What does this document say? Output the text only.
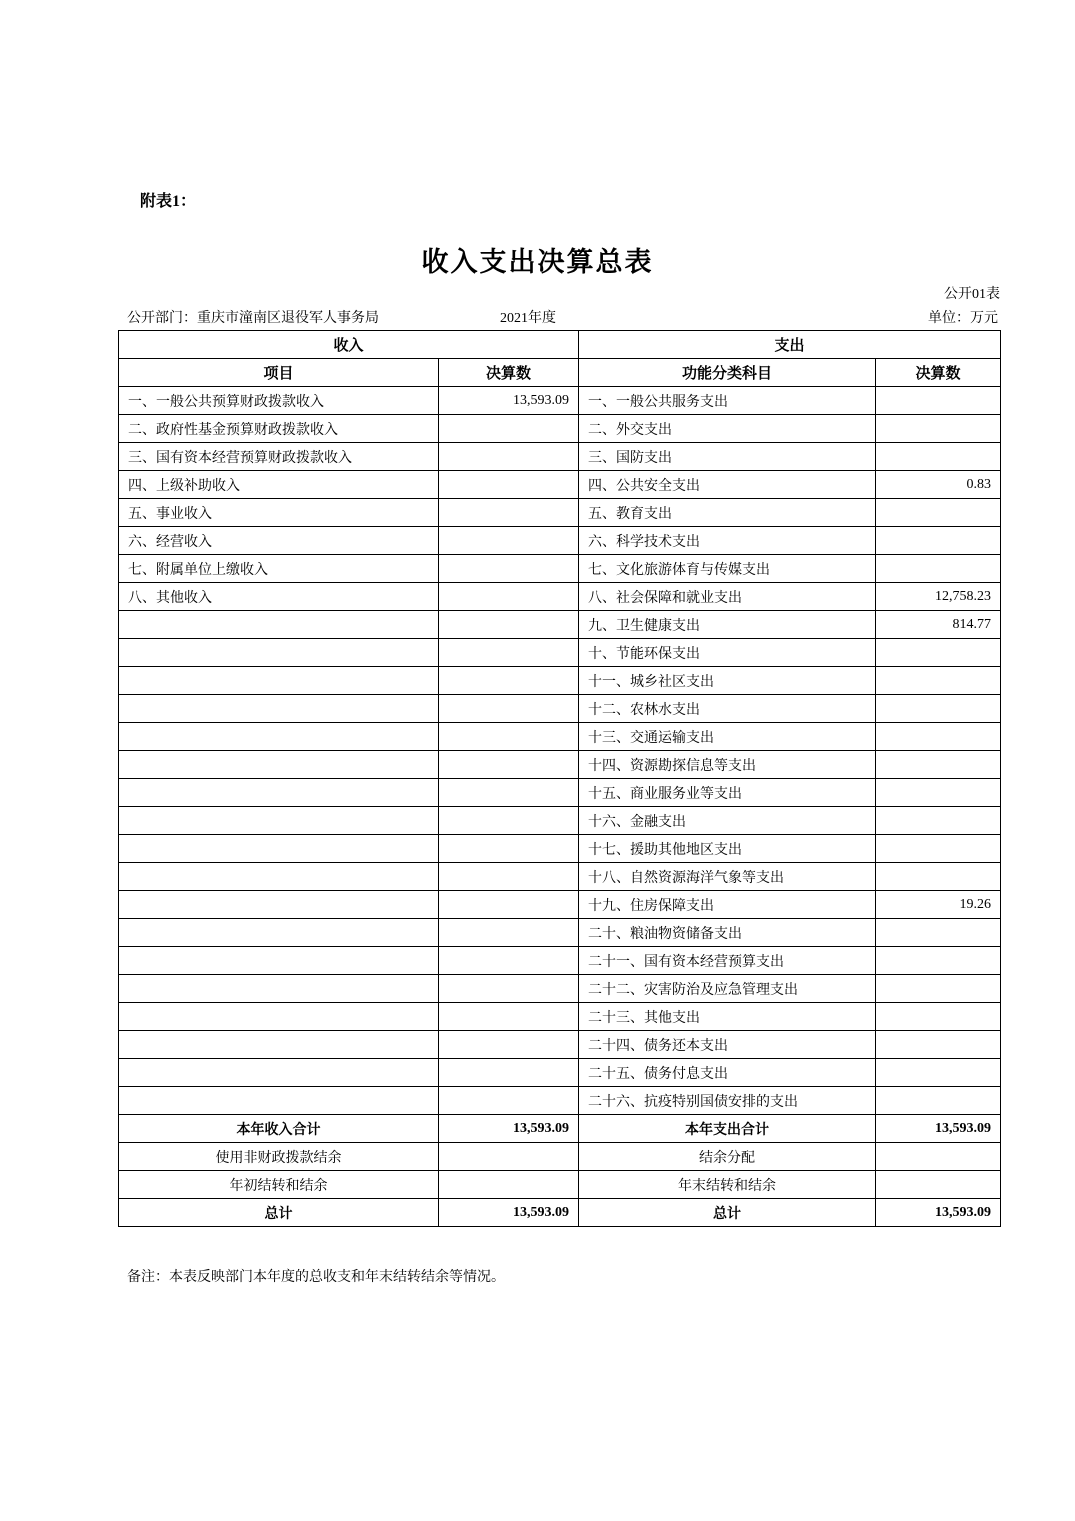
附表1：
收入支出决算总表
公开01表
公开部门：重庆市潼南区退役军人事务局	2021年度	单位：万元
收入		支出	
项目	决算数	功能分类科目	决算数
一、一般公共预算财政拨款收入	13,593.09	一、一般公共服务支出	
二、政府性基金预算财政拨款收入		二、外交支出	
三、国有资本经营预算财政拨款收入		三、国防支出	
四、上级补助收入		四、公共安全支出	0.83
五、事业收入		五、教育支出	
六、经营收入		六、科学技术支出	
七、附属单位上缴收入		七、文化旅游体育与传媒支出	
八、其他收入		八、社会保障和就业支出	12,758.23
		九、卫生健康支出	814.77
		十、节能环保支出	
		十一、城乡社区支出	
		十二、农林水支出	
		十三、交通运输支出	
		十四、资源勘探信息等支出	
		十五、商业服务业等支出	
		十六、金融支出	
		十七、援助其他地区支出	
		十八、自然资源海洋气象等支出	
		十九、住房保障支出	19.26
		二十、粮油物资储备支出	
		二十一、国有资本经营预算支出	
		二十二、灾害防治及应急管理支出	
		二十三、其他支出	
		二十四、债务还本支出	
		二十五、债务付息支出	
		二十六、抗疫特别国债安排的支出	
本年收入合计	13,593.09	本年支出合计	13,593.09
使用非财政拨款结余		结余分配	
年初结转和结余		年末结转和结余	
总计	13,593.09	总计	13,593.09
备注：本表反映部门本年度的总收支和年末结转结余等情况。
